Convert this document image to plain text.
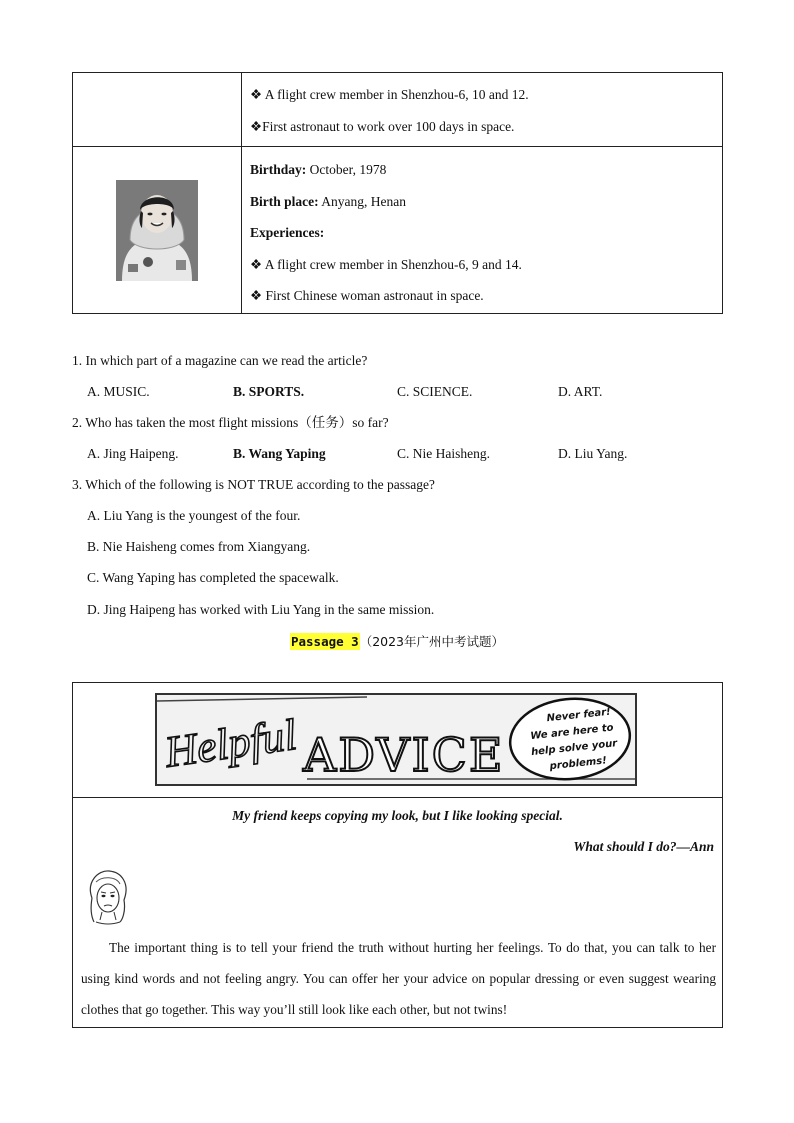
❖ A flight crew member in Shenzhou-6, 10 and 12.
❖First astronaut to work over 100 days in space.
Birthday: October, 1978
Birth place: Anyang, Henan
Experiences:
❖ A flight crew member in Shenzhou-6, 9 and 14.
❖ First Chinese woman astronaut in space.
1. In which part of a magazine can we read the article?
A. MUSIC.	B. SPORTS.	C. SCIENCE.	D. ART.
2. Who has taken the most flight missions（任务）so far?
A. Jing Haipeng.	B. Wang Yaping	C. Nie Haisheng.	D. Liu Yang.
3. Which of the following is NOT TRUE according to the passage?
A. Liu Yang is the youngest of the four.
B. Nie Haisheng comes from Xiangyang.
C. Wang Yaping has completed the spacewalk.
D. Jing Haipeng has worked with Liu Yang in the same mission.
Passage 3（2023年广州中考试题）
Helpful ADVICE
Never fear!
We are here to
help solve your
problems!
My friend keeps copying my look, but I like looking special.
What should I do?—Ann
The important thing is to tell your friend the truth without hurting her feelings. To do that, you can talk to her using kind words and not feeling angry. You can offer her your advice on popular dressing or even suggest wearing clothes that go together. This way you’ll still look like each other, but not twins!
